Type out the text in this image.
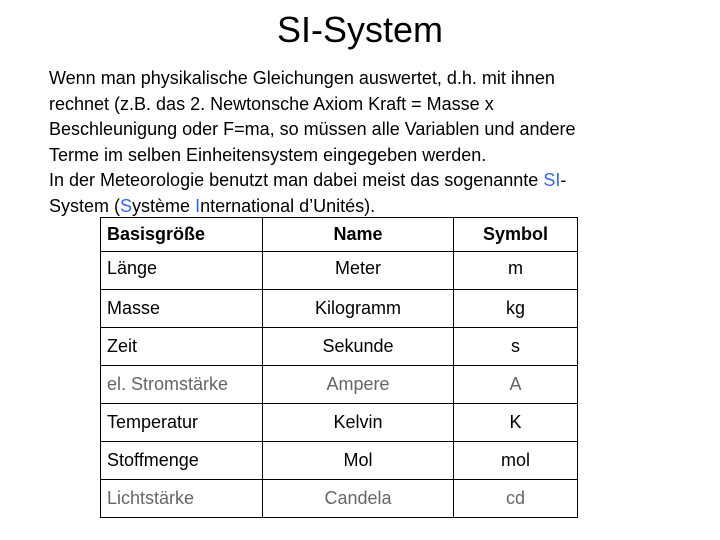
SI-System
Wenn man physikalische Gleichungen auswertet, d.h. mit ihnen
rechnet (z.B. das 2. Newtonsche Axiom Kraft = Masse x
Beschleunigung oder F=ma, so müssen alle Variablen und andere
Terme im selben Einheitensystem eingegeben werden.
In der Meteorologie benutzt man dabei meist das sogenannte SI-
System (Système International d’Unités).
Basisgröße	Name	Symbol
Länge	Meter	m
Masse	Kilogramm	kg
Zeit	Sekunde	s
el. Stromstärke	Ampere	A
Temperatur	Kelvin	K
Stoffmenge	Mol	mol
Lichtstärke	Candela	cd
